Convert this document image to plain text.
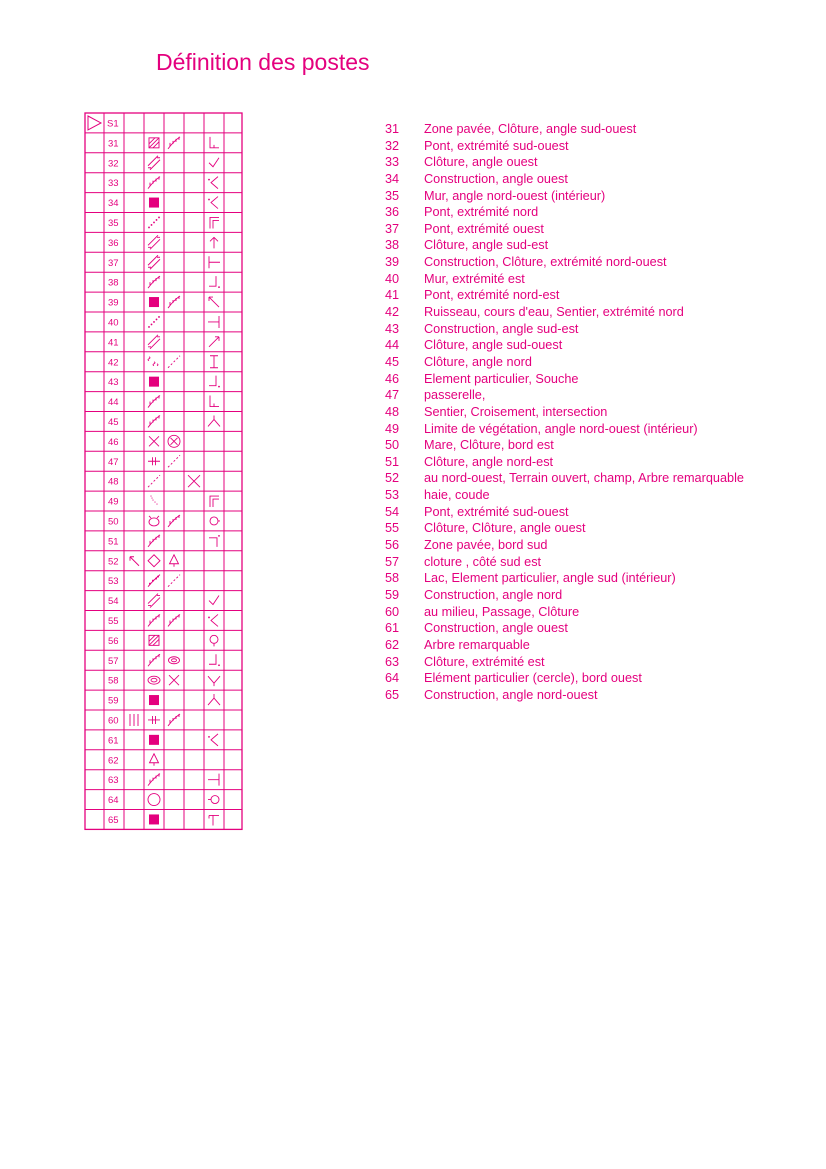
Définition des postes
S1
31
32
33
34
35
36
37
38
39
40
41
42
43
44
45
46
47
48
49
50
51
52
53
54
55
56
57
58
59
60
61
62
63
64
65
31 Zone pavée, Clôture, angle sud-ouest
32 Pont, extrémité sud-ouest
33 Clôture, angle ouest
34 Construction, angle ouest
35 Mur, angle nord-ouest (intérieur)
36 Pont, extrémité nord
37 Pont, extrémité ouest
38 Clôture, angle sud-est
39 Construction, Clôture, extrémité nord-ouest
40 Mur, extrémité est
41 Pont, extrémité nord-est
42 Ruisseau, cours d'eau, Sentier, extrémité nord
43 Construction, angle sud-est
44 Clôture, angle sud-ouest
45 Clôture, angle nord
46 Element particulier, Souche
47 passerelle,
48 Sentier, Croisement, intersection
49 Limite de végétation, angle nord-ouest (intérieur)
50 Mare, Clôture, bord est
51 Clôture, angle nord-est
52 au nord-ouest, Terrain ouvert, champ, Arbre remarquable
53 haie, coude
54 Pont, extrémité sud-ouest
55 Clôture, Clôture, angle ouest
56 Zone pavée, bord sud
57 cloture , côté sud est
58 Lac, Element particulier, angle sud (intérieur)
59 Construction, angle nord
60 au milieu, Passage, Clôture
61 Construction, angle ouest
62 Arbre remarquable
63 Clôture, extrémité est
64 Elément particulier (cercle), bord ouest
65 Construction, angle nord-ouest
